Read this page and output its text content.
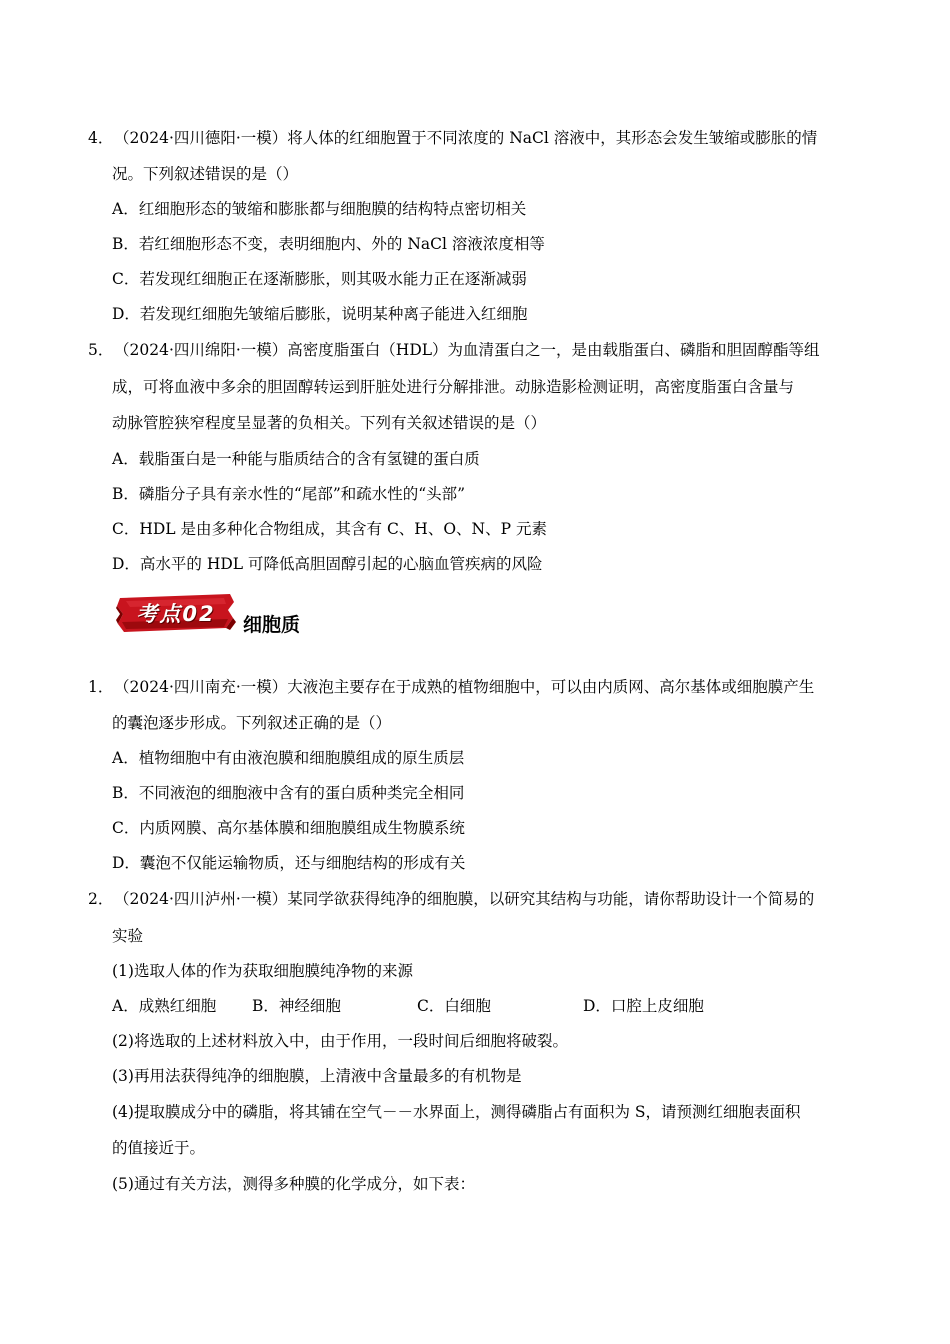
4． （2024·四川德阳·一模）将人体的红细胞置于不同浓度的 NaCl 溶液中，其形态会发生皱缩或膨胀的情
况。下列叙述错误的是（）
A．红细胞形态的皱缩和膨胀都与细胞膜的结构特点密切相关
B．若红细胞形态不变，表明细胞内、外的 NaCl 溶液浓度相等
C．若发现红细胞正在逐渐膨胀，则其吸水能力正在逐渐减弱
D．若发现红细胞先皱缩后膨胀，说明某种离子能进入红细胞
5． （2024·四川绵阳·一模）高密度脂蛋白（HDL）为血清蛋白之一，是由载脂蛋白、磷脂和胆固醇酯等组
成，可将血液中多余的胆固醇转运到肝脏处进行分解排泄。动脉造影检测证明，高密度脂蛋白含量与
动脉管腔狭窄程度呈显著的负相关。下列有关叙述错误的是（）
A．载脂蛋白是一种能与脂质结合的含有氢键的蛋白质
B．磷脂分子具有亲水性的“尾部”和疏水性的“头部”
C．HDL 是由多种化合物组成，其含有 C、H、O、N、P 元素
D．高水平的 HDL 可降低高胆固醇引起的心脑血管疾病的风险
考点02	细胞质
1． （2024·四川南充·一模）大液泡主要存在于成熟的植物细胞中，可以由内质网、高尔基体或细胞膜产生
的囊泡逐步形成。下列叙述正确的是（）
A．植物细胞中有由液泡膜和细胞膜组成的原生质层
B．不同液泡的细胞液中含有的蛋白质种类完全相同
C．内质网膜、高尔基体膜和细胞膜组成生物膜系统
D．囊泡不仅能运输物质，还与细胞结构的形成有关
2． （2024·四川泸州·一模）某同学欲获得纯净的细胞膜，以研究其结构与功能，请你帮助设计一个简易的
实验
(1)选取人体的作为获取细胞膜纯净物的来源
A．成熟红细胞 B．神经细胞	C．白细胞	D．口腔上皮细胞
(2)将选取的上述材料放入中，由于作用，一段时间后细胞将破裂。
(3)再用法获得纯净的细胞膜，上清液中含量最多的有机物是
(4)提取膜成分中的磷脂，将其铺在空气－－水界面上，测得磷脂占有面积为 S，请预测红细胞表面积
的值接近于。
(5)通过有关方法，测得多种膜的化学成分，如下表：
